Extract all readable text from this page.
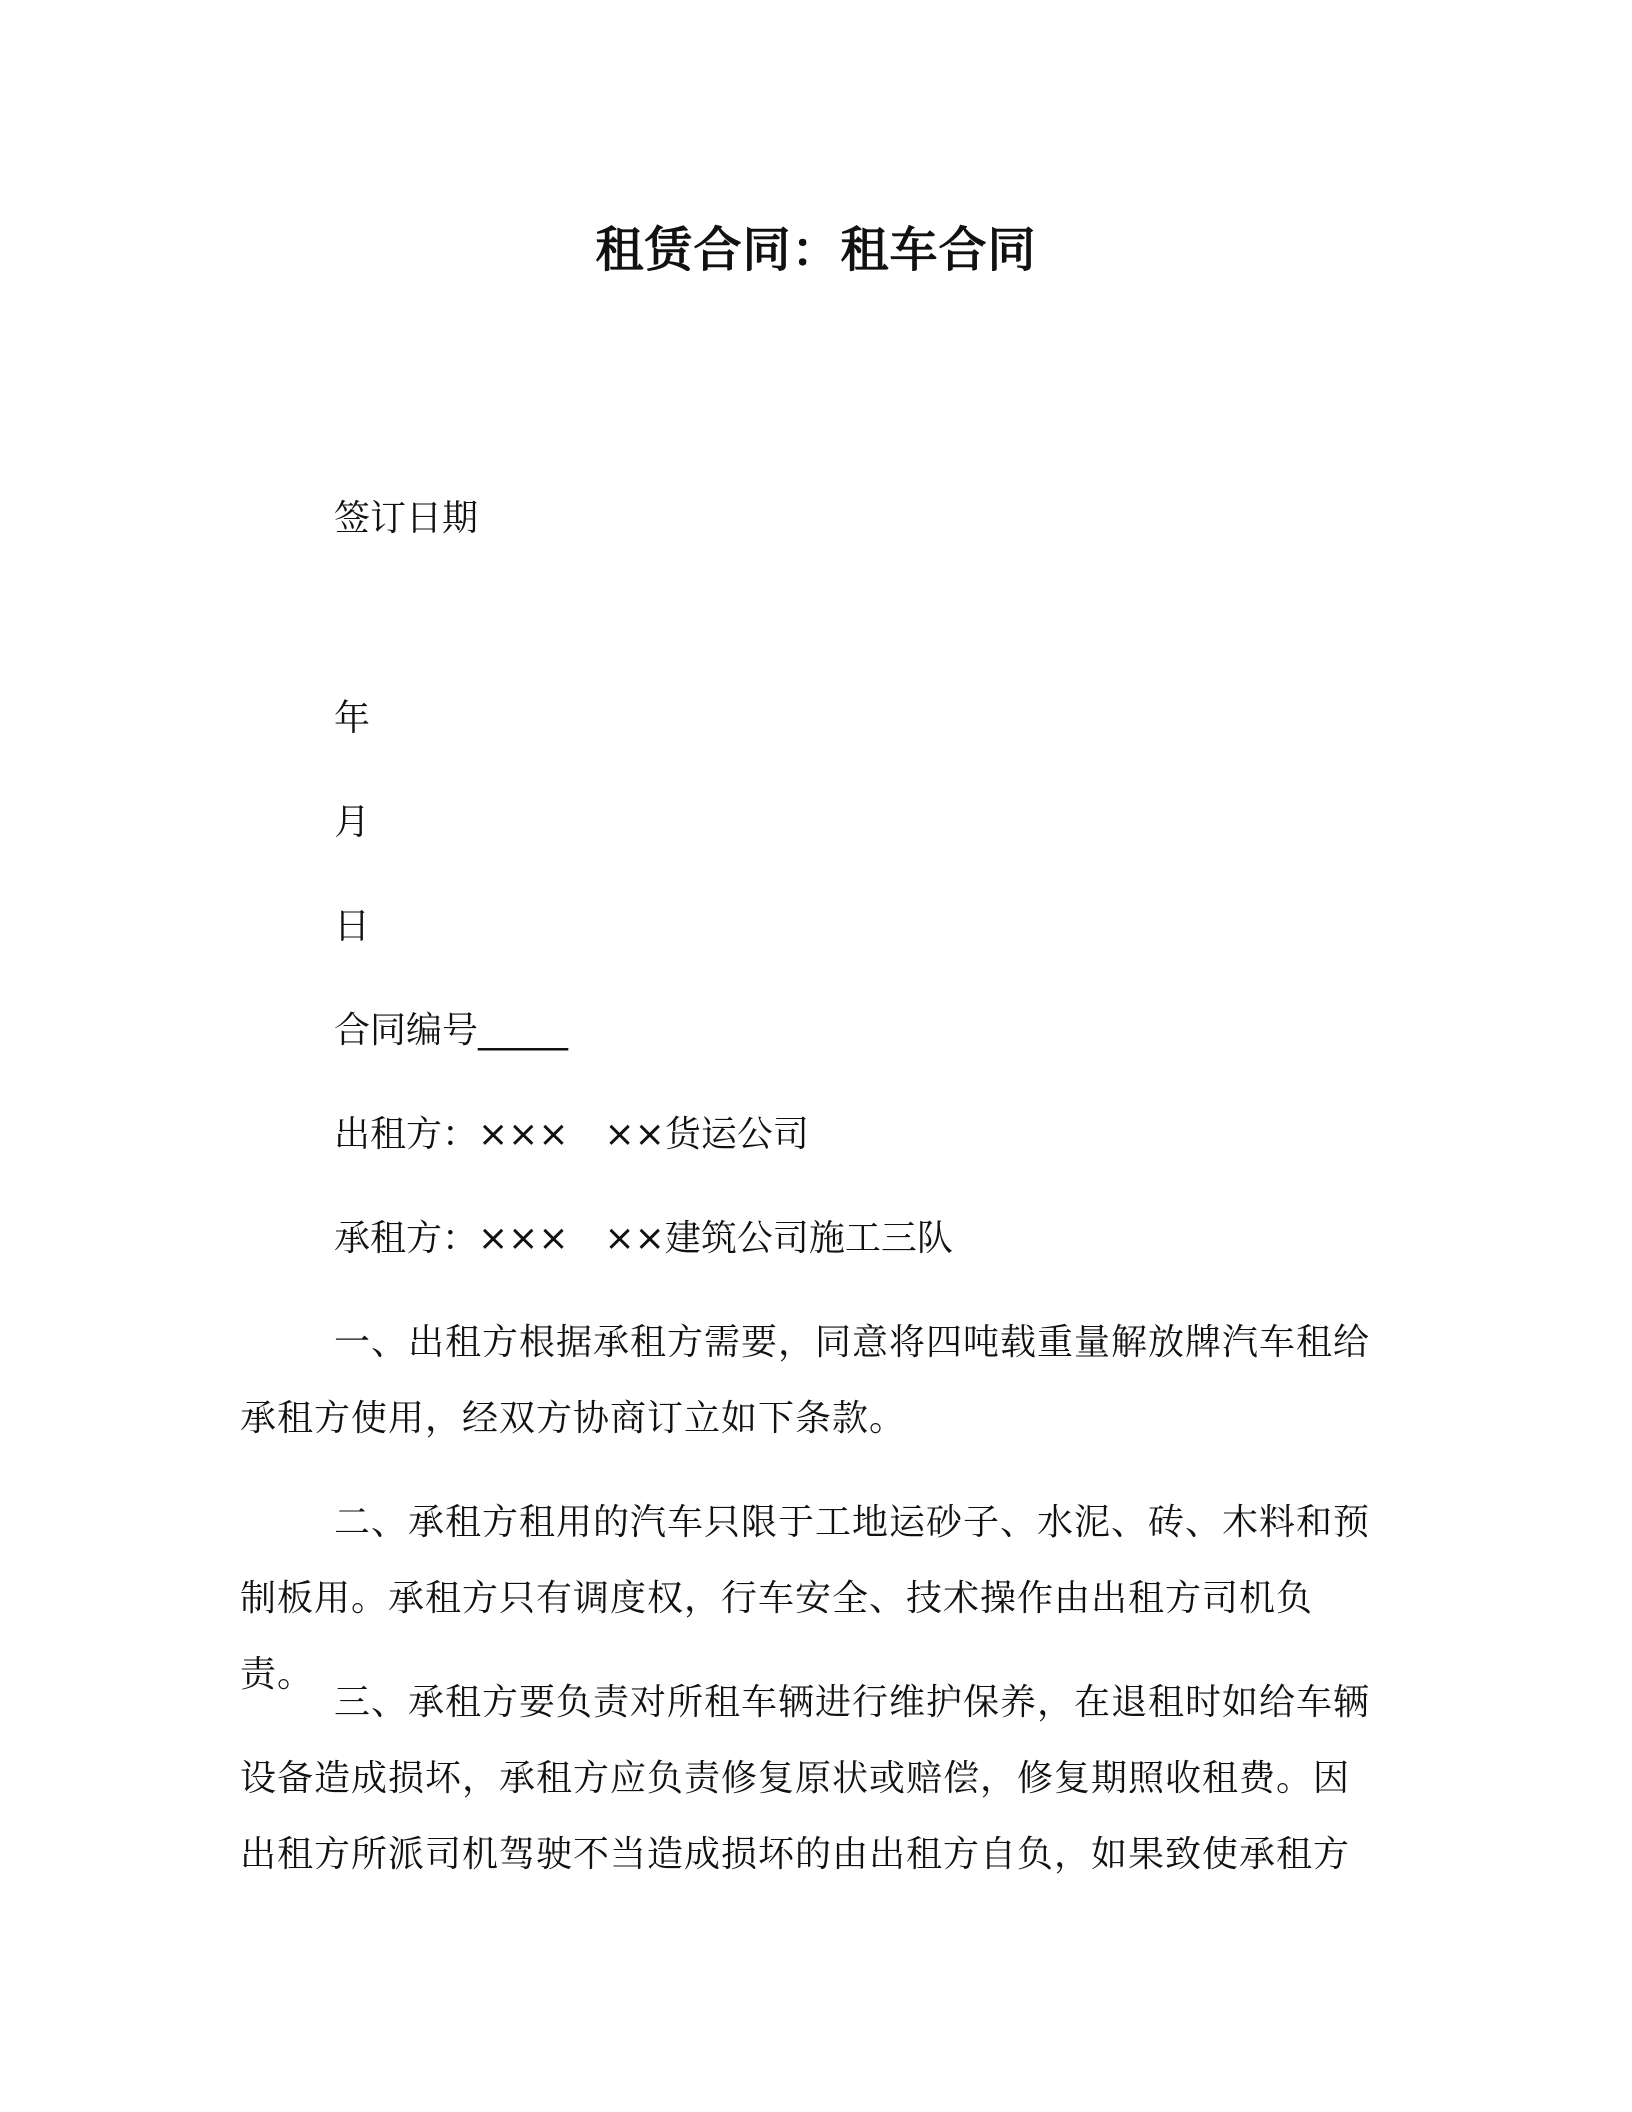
租赁合同：租车合同
签订日期
年
月
日
合同编号_____
出租方：×××　××货运公司
承租方：×××　××建筑公司施工三队
一、出租方根据承租方需要，同意将四吨载重量解放牌汽车租给承租方使用，经双方协商订立如下条款。
二、承租方租用的汽车只限于工地运砂子、水泥、砖、木料和预制板用。承租方只有调度权，行车安全、技术操作由出租方司机负责。
三、承租方要负责对所租车辆进行维护保养，在退租时如给车辆设备造成损坏，承租方应负责修复原状或赔偿，修复期照收租费。因出租方所派司机驾驶不当造成损坏的由出租方自负，如果致使承租方
